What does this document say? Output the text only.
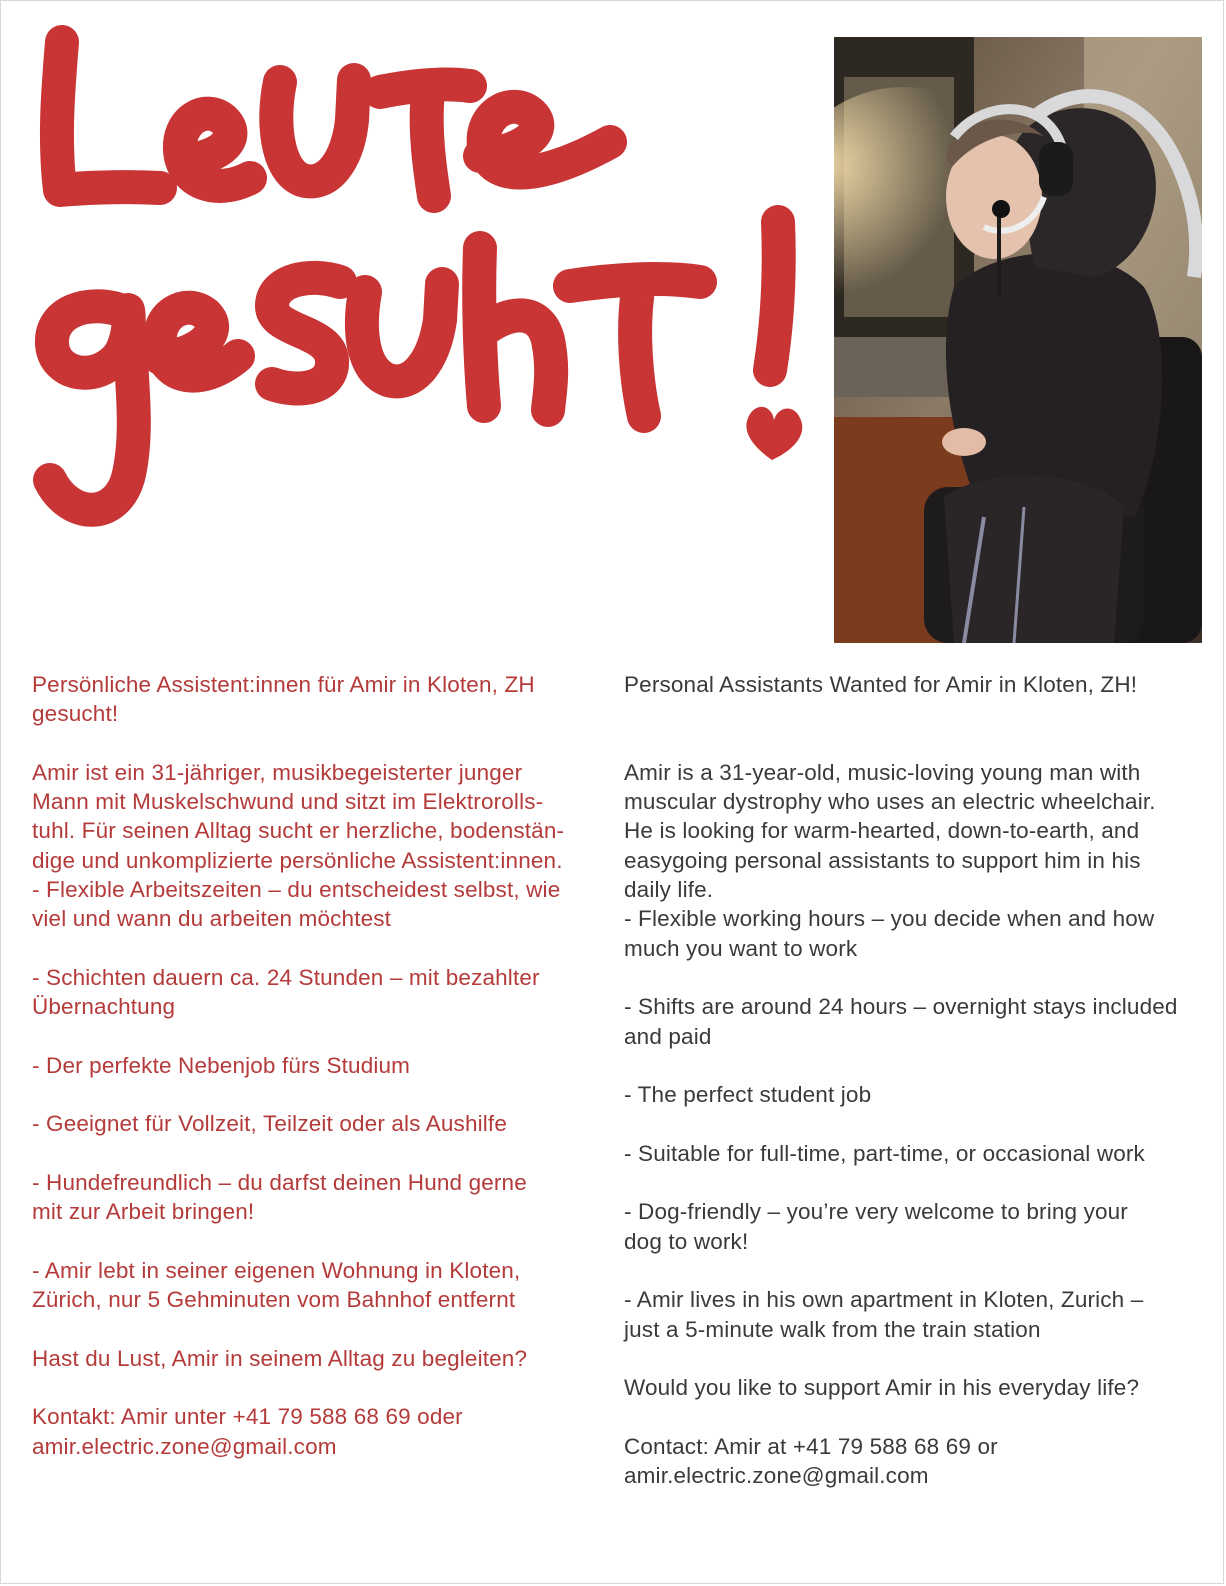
Persönliche Assistent:innen für Amir in Kloten, ZH
gesucht!

Amir ist ein 31-jähriger, musikbegeisterter junger
Mann mit Muskelschwund und sitzt im Elektrorolls-
tuhl. Für seinen Alltag sucht er herzliche, bodenstän-
dige und unkomplizierte persönliche Assistent:innen.

- Flexible Arbeitszeiten – du entscheidest selbst, wie
viel und wann du arbeiten möchtest

- Schichten dauern ca. 24 Stunden – mit bezahlter
Übernachtung

- Der perfekte Nebenjob fürs Studium

- Geeignet für Vollzeit, Teilzeit oder als Aushilfe

- Hundefreundlich – du darfst deinen Hund gerne
mit zur Arbeit bringen!

- Amir lebt in seiner eigenen Wohnung in Kloten,
Zürich, nur 5 Gehminuten vom Bahnhof entfernt

Hast du Lust, Amir in seinem Alltag zu begleiten?

Kontakt: Amir unter +41 79 588 68 69 oder
amir.electric.zone@gmail.com

Personal Assistants Wanted for Amir in Kloten, ZH!

Amir is a 31-year-old, music-loving young man with
muscular dystrophy who uses an electric wheelchair.
He is looking for warm-hearted, down-to-earth, and
easygoing personal assistants to support him in his
daily life.

- Flexible working hours – you decide when and how
much you want to work

- Shifts are around 24 hours – overnight stays included
and paid

- The perfect student job

- Suitable for full-time, part-time, or occasional work

- Dog-friendly – you’re very welcome to bring your
dog to work!

- Amir lives in his own apartment in Kloten, Zurich –
just a 5-minute walk from the train station

Would you like to support Amir in his everyday life?

Contact: Amir at +41 79 588 68 69 or
amir.electric.zone@gmail.com
